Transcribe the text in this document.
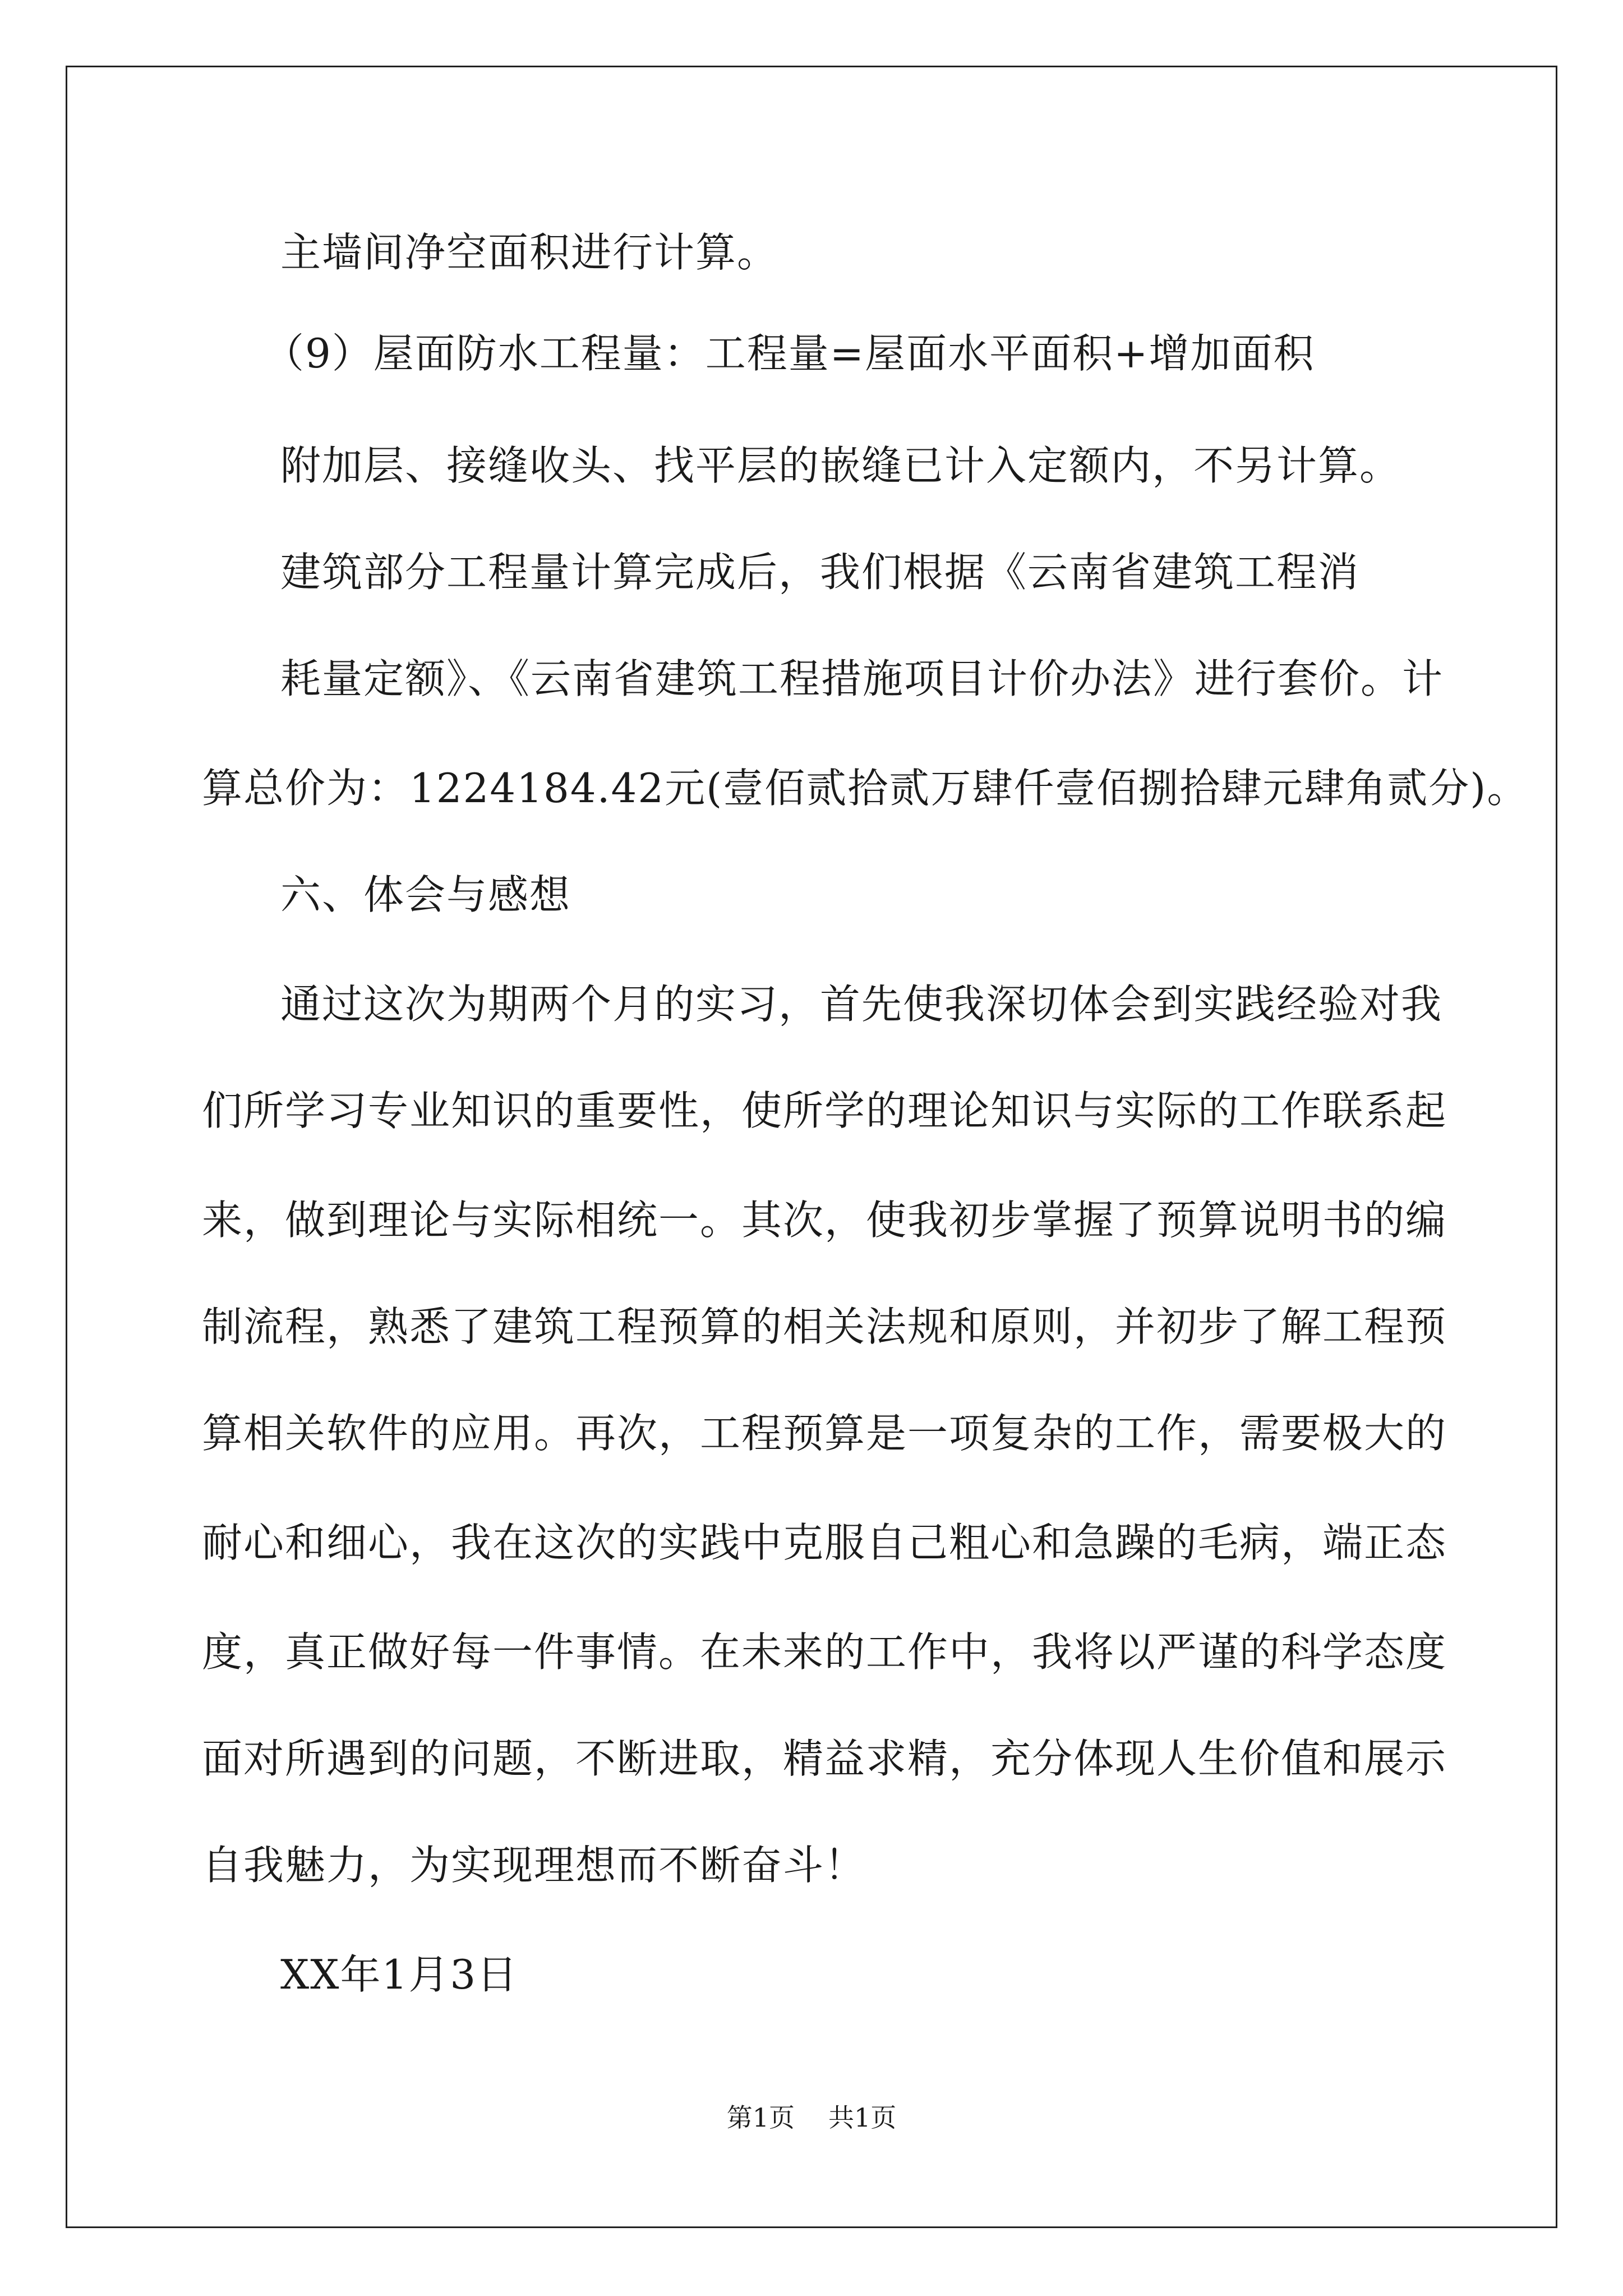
主墙间净空面积进行计算。
（9）屋面防水工程量：工程量=屋面水平面积+增加面积
附加层、接缝收头、找平层的嵌缝已计入定额内，不另计算。
建筑部分工程量计算完成后，我们根据《云南省建筑工程消
耗量定额》、《云南省建筑工程措施项目计价办法》进行套价。计
算总价为：1224184.42元(壹佰贰拾贰万肆仟壹佰捌拾肆元肆角贰分)。
六、体会与感想
通过这次为期两个月的实习，首先使我深切体会到实践经验对我
们所学习专业知识的重要性，使所学的理论知识与实际的工作联系起
来，做到理论与实际相统一。其次，使我初步掌握了预算说明书的编
制流程，熟悉了建筑工程预算的相关法规和原则，并初步了解工程预
算相关软件的应用。再次，工程预算是一项复杂的工作，需要极大的
耐心和细心，我在这次的实践中克服自己粗心和急躁的毛病，端正态
度，真正做好每一件事情。在未来的工作中，我将以严谨的科学态度
面对所遇到的问题，不断进取，精益求精，充分体现人生价值和展示
自我魅力，为实现理想而不断奋斗！
XX年1月3日
第1页 共1页
